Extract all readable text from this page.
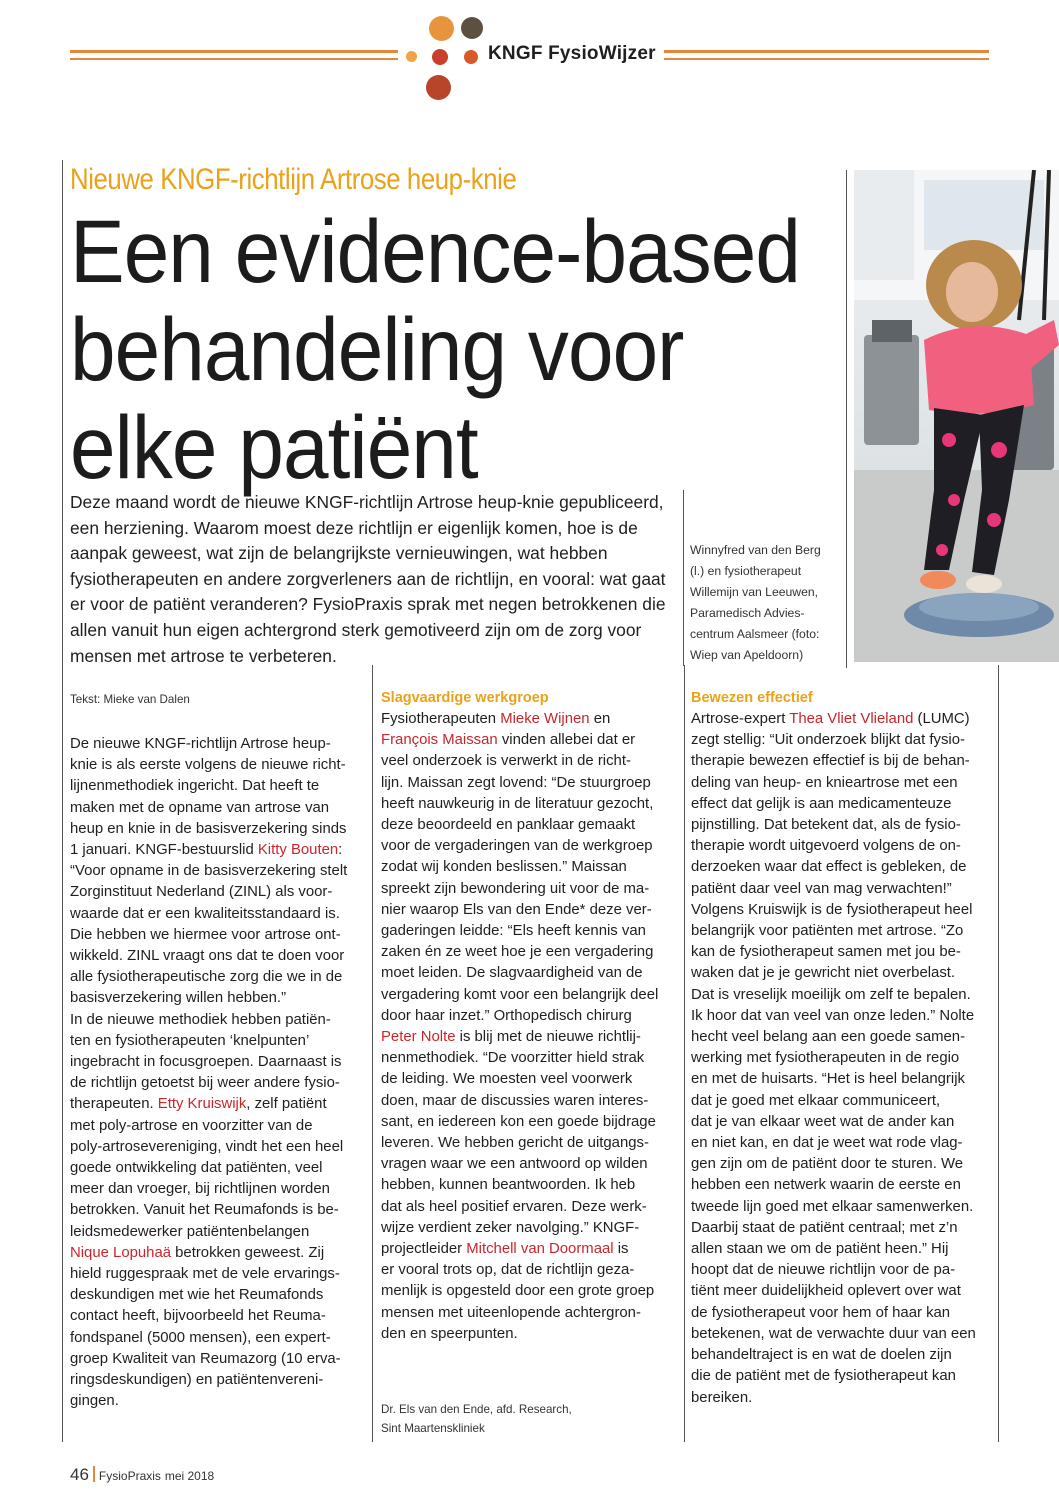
KNGF FysioWijzer
Nieuwe KNGF-richtlijn Artrose heup-knie
Een evidence-based
behandeling voor
elke patiënt
Deze maand wordt de nieuwe KNGF-richtlijn Artrose heup-knie gepubliceerd,
een herziening. Waarom moest deze richtlijn er eigenlijk komen, hoe is de
aanpak geweest, wat zijn de belangrijkste vernieuwingen, wat hebben
fysiotherapeuten en andere zorgverleners aan de richtlijn, en vooral: wat gaat
er voor de patiënt veranderen? FysioPraxis sprak met negen betrokkenen die
allen vanuit hun eigen achtergrond sterk gemotiveerd zijn om de zorg voor
mensen met artrose te verbeteren.
Winnyfred van den Berg
(l.) en fysiotherapeut
Willemijn van Leeuwen,
Paramedisch Advies-
centrum Aalsmeer (foto:
Wiep van Apeldoorn)
Tekst: Mieke van Dalen
De nieuwe KNGF-richtlijn Artrose heup-
knie is als eerste volgens de nieuwe richt-
lijnenmethodiek ingericht. Dat heeft te
maken met de opname van artrose van
heup en knie in de basisverzekering sinds
1 januari. KNGF-bestuurslid Kitty Bouten:
“Voor opname in de basisverzekering stelt
Zorginstituut Nederland (ZINL) als voor-
waarde dat er een kwaliteitsstandaard is.
Die hebben we hiermee voor artrose ont-
wikkeld. ZINL vraagt ons dat te doen voor
alle fysiotherapeutische zorg die we in de
basisverzekering willen hebben.”
In de nieuwe methodiek hebben patiën-
ten en fysiotherapeuten ‘knelpunten’
ingebracht in focusgroepen. Daarnaast is
de richtlijn getoetst bij weer andere fysio-
therapeuten. Etty Kruiswijk, zelf patiënt
met poly-artrose en voorzitter van de
poly-artrosevereniging, vindt het een heel
goede ontwikkeling dat patiënten, veel
meer dan vroeger, bij richtlijnen worden
betrokken. Vanuit het Reumafonds is be-
leidsmedewerker patiëntenbelangen
Nique Lopuhaä betrokken geweest. Zij
hield ruggespraak met de vele ervarings-
deskundigen met wie het Reumafonds
contact heeft, bijvoorbeeld het Reuma-
fondspanel (5000 mensen), een expert-
groep Kwaliteit van Reumazorg (10 erva-
ringsdeskundigen) en patiëntenvereni-
gingen.
Slagvaardige werkgroep
Fysiotherapeuten Mieke Wijnen en
François Maissan vinden allebei dat er
veel onderzoek is verwerkt in de richt-
lijn. Maissan zegt lovend: “De stuurgroep
heeft nauwkeurig in de literatuur gezocht,
deze beoordeeld en panklaar gemaakt
voor de vergaderingen van de werkgroep
zodat wij konden beslissen.” Maissan
spreekt zijn bewondering uit voor de ma-
nier waarop Els van den Ende* deze ver-
gaderingen leidde: “Els heeft kennis van
zaken én ze weet hoe je een vergadering
moet leiden. De slagvaardigheid van de
vergadering komt voor een belangrijk deel
door haar inzet.” Orthopedisch chirurg
Peter Nolte is blij met de nieuwe richtlij-
nenmethodiek. “De voorzitter hield strak
de leiding. We moesten veel voorwerk
doen, maar de discussies waren interes-
sant, en iedereen kon een goede bijdrage
leveren. We hebben gericht de uitgangs-
vragen waar we een antwoord op wilden
hebben, kunnen beantwoorden. Ik heb
dat als heel positief ervaren. Deze werk-
wijze verdient zeker navolging.” KNGF-
projectleider Mitchell van Doormaal is
er vooral trots op, dat de richtlijn geza-
menlijk is opgesteld door een grote groep
mensen met uiteenlopende achtergron-
den en speerpunten.
Dr. Els van den Ende, afd. Research,
Sint Maartenskliniek
Bewezen effectief
Artrose-expert Thea Vliet Vlieland (LUMC)
zegt stellig: “Uit onderzoek blijkt dat fysio-
therapie bewezen effectief is bij de behan-
deling van heup- en knieartrose met een
effect dat gelijk is aan medicamenteuze
pijnstilling. Dat betekent dat, als de fysio-
therapie wordt uitgevoerd volgens de on-
derzoeken waar dat effect is gebleken, de
patiënt daar veel van mag verwachten!”
Volgens Kruiswijk is de fysiotherapeut heel
belangrijk voor patiënten met artrose. “Zo
kan de fysiotherapeut samen met jou be-
waken dat je je gewricht niet overbelast.
Dat is vreselijk moeilijk om zelf te bepalen.
Ik hoor dat van veel van onze leden.” Nolte
hecht veel belang aan een goede samen-
werking met fysiotherapeuten in de regio
en met de huisarts. “Het is heel belangrijk
dat je goed met elkaar communiceert,
dat je van elkaar weet wat de ander kan
en niet kan, en dat je weet wat rode vlag-
gen zijn om de patiënt door te sturen. We
hebben een netwerk waarin de eerste en
tweede lijn goed met elkaar samenwerken.
Daarbij staat de patiënt centraal; met z’n
allen staan we om de patiënt heen.” Hij
hoopt dat de nieuwe richtlijn voor de pa-
tiënt meer duidelijkheid oplevert over wat
de fysiotherapeut voor hem of haar kan
betekenen, wat de verwachte duur van een
behandeltraject is en wat de doelen zijn
die de patiënt met de fysiotherapeut kan
bereiken.
46 FysioPraxis mei 2018
